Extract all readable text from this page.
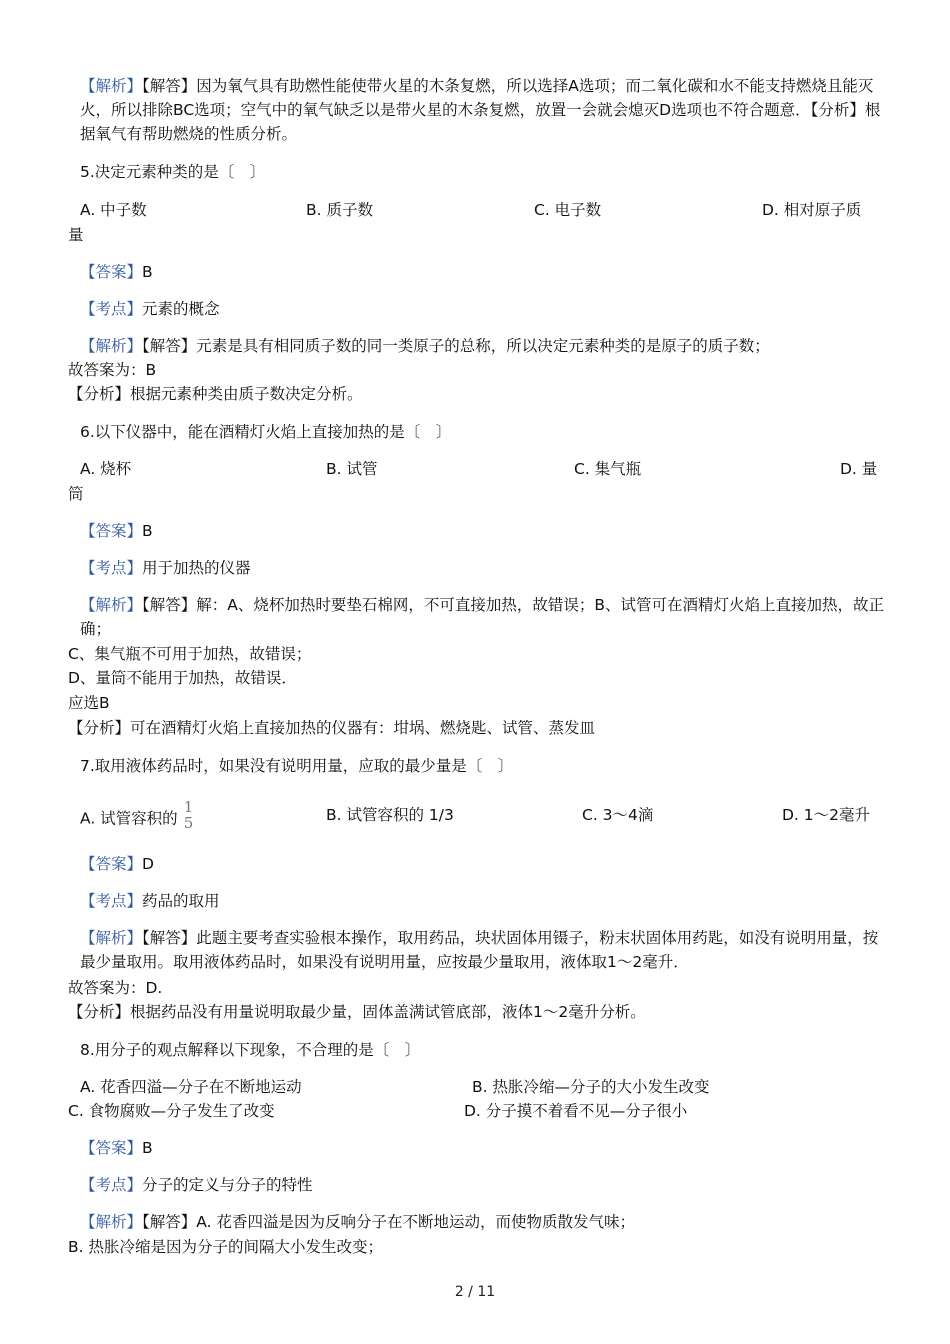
【解析】【解答】因为氧气具有助燃性能使带火星的木条复燃，所以选择A选项；而二氧化碳和水不能支持燃烧且能灭火，所以排除BC选项；空气中的氧气缺乏以是带火星的木条复燃，放置一会就会熄灭D选项也不符合题意．【分析】根据氧气有帮助燃烧的性质分析。
5.决定元素种类的是〔　〕
A. 中子数	B. 质子数	C. 电子数	D. 相对原子质
量
【答案】B
【考点】元素的概念
【解析】【解答】元素是具有相同质子数的同一类原子的总称，所以决定元素种类的是原子的质子数；
故答案为：B
【分析】根据元素种类由质子数决定分析。
6.以下仪器中，能在酒精灯火焰上直接加热的是〔　〕
A. 烧杯	B. 试管	C. 集气瓶	D. 量
筒
【答案】B
【考点】用于加热的仪器
【解析】【解答】解：A、烧杯加热时要垫石棉网，不可直接加热，故错误；B、试管可在酒精灯火焰上直接加热，故正确；
C、集气瓶不可用于加热，故错误；
D、量筒不能用于加热，故错误．
应选B
【分析】可在酒精灯火焰上直接加热的仪器有：坩埚、燃烧匙、试管、蒸发皿
7.取用液体药品时，如果没有说明用量，应取的最少量是〔　〕
A. 试管容积的
1
5	B. 试管容积的 1/3	C. 3～4滴	D. 1～2毫升
【答案】D
【考点】药品的取用
【解析】【解答】此题主要考查实验根本操作，取用药品，块状固体用镊子，粉末状固体用药匙，如没有说明用量，按最少量取用。取用液体药品时，如果没有说明用量，应按最少量取用，液体取1～2毫升．
故答案为：D.
【分析】根据药品没有用量说明取最少量，固体盖满试管底部，液体1～2毫升分析。
8.用分子的观点解释以下现象，不合理的是〔　〕
A. 花香四溢—分子在不断地运动	B. 热胀冷缩—分子的大小发生改变
C. 食物腐败—分子发生了改变	D. 分子摸不着看不见—分子很小
【答案】B
【考点】分子的定义与分子的特性
【解析】【解答】A. 花香四溢是因为反响分子在不断地运动，而使物质散发气味；
B. 热胀冷缩是因为分子的间隔大小发生改变；
2 / 11
